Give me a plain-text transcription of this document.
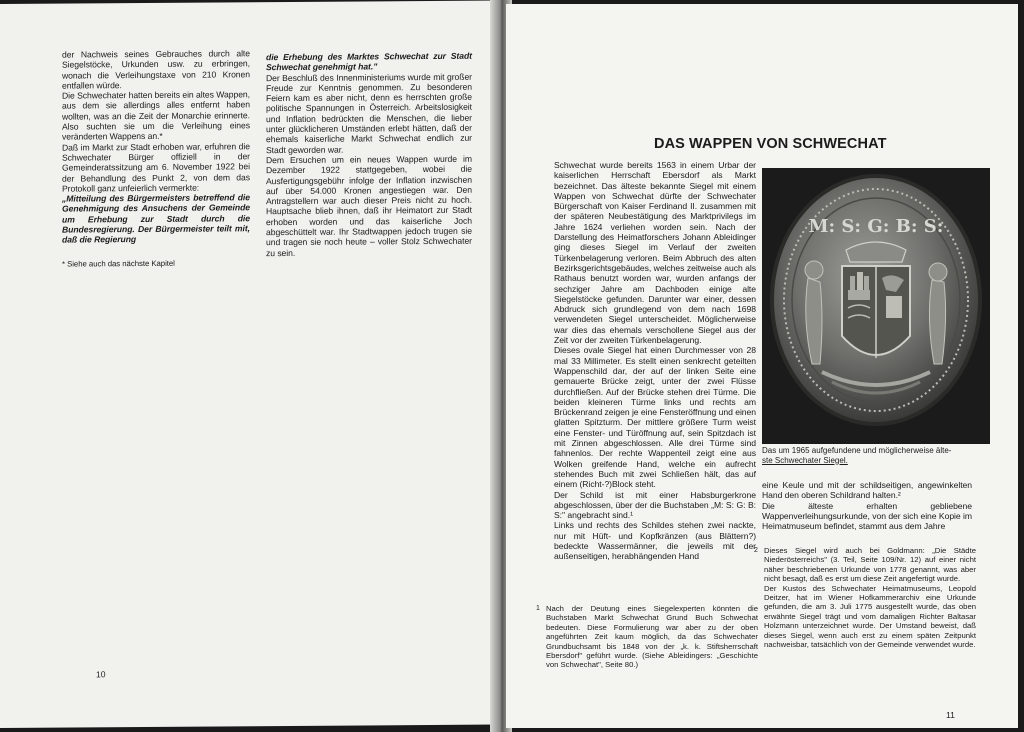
der Nachweis seines Gebrauches durch alte Siegelstöcke, Urkunden usw. zu erbringen, wonach die Verleihungstaxe von 210 Kronen entfallen würde.

Die Schwechater hatten bereits ein altes Wappen, aus dem sie allerdings alles entfernt haben wollten, was an die Zeit der Monarchie erinnerte. Also suchten sie um die Verleihung eines veränderten Wappens an.*

Daß im Markt zur Stadt erhoben war, erfuhren die Schwechater Bürger offiziell in der Gemeinderatssitzung am 6. November 1922 bei der Behandlung des Punkt 2, von dem das Protokoll ganz unfeierlich vermerkte:

„Mitteilung des Bürgermeisters betreffend die Genehmigung des Ansuchens der Gemeinde um Erhebung zur Stadt durch die Bundesregierung. Der Bürgermeister teilt mit, daß die Regierung

* Siehe auch das nächste Kapitel

die Erhebung des Marktes Schwechat zur Stadt Schwechat genehmigt hat."

Der Beschluß des Innenministeriums wurde mit großer Freude zur Kenntnis genommen. Zu besonderen Feiern kam es aber nicht, denn es herrschten große politische Spannungen in Österreich. Arbeitslosigkeit und Inflation bedrückten die Menschen, die lieber unter glücklicheren Umständen erlebt hätten, daß der ehemals kaiserliche Markt Schwechat endlich zur Stadt geworden war.

Dem Ersuchen um ein neues Wappen wurde im Dezember 1922 stattgegeben, wobei die Ausfertigungsgebühr infolge der Inflation inzwischen auf über 54.000 Kronen angestiegen war. Den Antragstellern war auch dieser Preis nicht zu hoch. Hauptsache blieb ihnen, daß ihr Heimatort zur Stadt erhoben worden und das kaiserliche Joch abgeschüttelt war. Ihr Stadtwappen jedoch trugen sie und tragen sie noch heute – voller Stolz Schwechater zu sein.

10
DAS WAPPEN VON SCHWECHAT

Schwechat wurde bereits 1563 in einem Urbar der kaiserlichen Herrschaft Ebersdorf als Markt bezeichnet. Das älteste bekannte Siegel mit einem Wappen von Schwechat dürfte der Schwechater Bürgerschaft von Kaiser Ferdinand II. zusammen mit der späteren Neubestätigung des Marktprivilegs im Jahre 1624 verliehen worden sein. Nach der Darstellung des Heimatforschers Johann Ableidinger ging dieses Siegel im Verlauf der zweiten Türkenbelagerung verloren. Beim Abbruch des alten Bezirksgerichtsgebäudes, welches zeitweise auch als Rathaus benutzt worden war, wurden anfangs der sechziger Jahre am Dachboden einige alte Siegelstöcke gefunden. Darunter war einer, dessen Abdruck sich grundlegend von dem nach 1698 verwendeten Siegel unterscheidet. Möglicherweise war dies das ehemals verschollene Siegel aus der Zeit vor der zweiten Türkenbelagerung.

Dieses ovale Siegel hat einen Durchmesser von 28 mal 33 Millimeter. Es stellt einen senkrecht geteilten Wappenschild dar, der auf der linken Seite eine gemauerte Brücke zeigt, unter der zwei Flüsse durchfließen. Auf der Brücke stehen drei Türme. Die beiden kleineren Türme links und rechts am Brückenrand zeigen je eine Fensteröffnung und einen glatten Spitzturm. Der mittlere größere Turm weist eine Fenster- und Türöffnung auf, sein Spitzdach ist mit Zinnen abgeschlossen. Alle drei Türme sind fahnenlos. Der rechte Wappenteil zeigt eine aus Wolken greifende Hand, welche ein aufrecht stehendes Buch mit zwei Schließen hält, das auf einem (Richt-?)Block steht.

Der Schild ist mit einer Habsburgerkrone abgeschlossen, über der die Buchstaben „M: S: G: B: S:" angebracht sind.¹

Links und rechts des Schildes stehen zwei nackte, nur mit Hüft- und Kopfkränzen (aus Blättern?) bedeckte Wassermänner, die jeweils mit der außenseitigen, herabhängenden Hand

M: S: G: B: S:
Das um 1965 aufgefundene und möglicherweise älte-
ste Schwechater Siegel.

eine Keule und mit der schildseitigen, angewinkelten Hand den oberen Schildrand halten.²

Die älteste erhalten gebliebene Wappenverleihungsurkunde, von der sich eine Kopie im Heimatmuseum befindet, stammt aus dem Jahre

1 Nach der Deutung eines Siegelexperten könnten die Buchstaben Markt Schwechat Grund Buch Schwechat bedeuten. Diese Formulierung war aber zu der oben angeführten Zeit kaum möglich, da das Schwechater Grundbuchsamt bis 1848 von der „k. k. Stiftsherrschaft Ebersdorf" geführt wurde. (Siehe Ableidingers: „Geschichte von Schwechat", Seite 80.)
2 Dieses Siegel wird auch bei Goldmann: „Die Städte Niederösterreichs" (3. Teil, Seite 109/Nr. 12) auf einer nicht näher beschriebenen Urkunde von 1778 genannt, was aber nicht besagt, daß es erst um diese Zeit angefertigt wurde.
Der Kustos des Schwechater Heimatmuseums, Leopold Deitzer, hat im Wiener Hofkammerarchiv eine Urkunde gefunden, die am 3. Juli 1775 ausgestellt wurde, das oben erwähnte Siegel trägt und vom damaligen Richter Baltasar Holzmann unterzeichnet wurde. Der Umstand beweist, daß dieses Siegel, wenn auch erst zu einem späten Zeitpunkt nachweisbar, tatsächlich von der Gemeinde verwendet wurde.
11
